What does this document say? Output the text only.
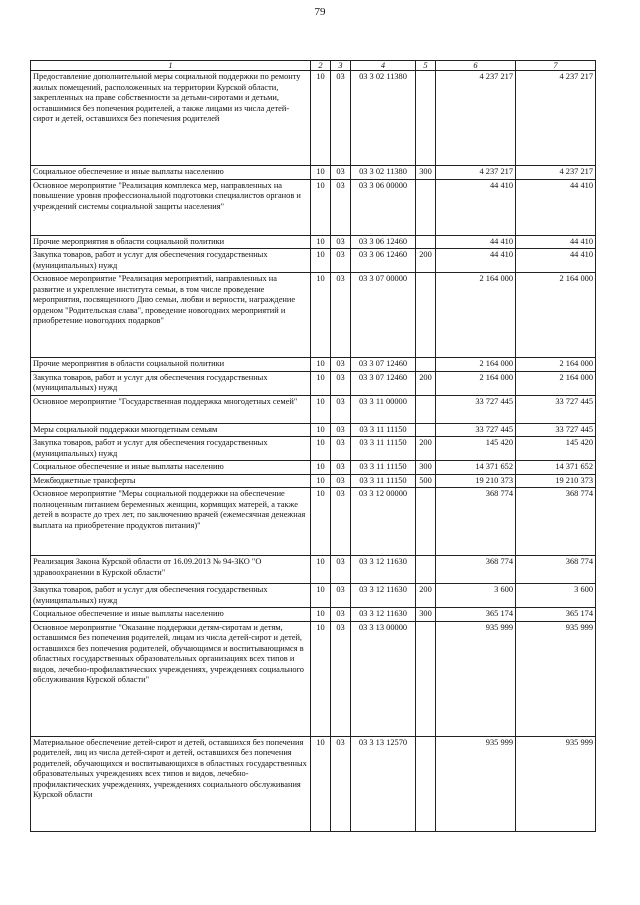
79
1	2	3	4	5	6	7
Предоставление дополнительной меры социальной поддержки по ремонту жилых помещений, расположенных на территории Курской области, закрепленных на праве собственности за детьми-сиротами и детьми, оставшимися без попечения родителей, а также лицами из числа детей-сирот и детей, оставшихся без попечения родителей	10	03	03 3 02 11380		4 237 217	4 237 217
Социальное обеспечение и иные выплаты населению	10	03	03 3 02 11380	300	4 237 217	4 237 217
Основное мероприятие "Реализация комплекса мер, направленных на повышение уровня профессиональной подготовки специалистов органов и учреждений системы социальной защиты населения"	10	03	03 3 06 00000		44 410	44 410
Прочие мероприятия в области социальной политики	10	03	03 3 06 12460		44 410	44 410
Закупка товаров, работ и услуг для обеспечения государственных (муниципальных) нужд	10	03	03 3 06 12460	200	44 410	44 410
Основное мероприятие "Реализация мероприятий, направленных на развитие и укрепление института семьи, в том числе проведение мероприятия, посвященного Дню семьи, любви и верности, награждение орденом "Родительская слава", проведение новогодних мероприятий и приобретение новогодних подарков"	10	03	03 3 07 00000		2 164 000	2 164 000
Прочие мероприятия в области социальной политики	10	03	03 3 07 12460		2 164 000	2 164 000
Закупка товаров, работ и услуг для обеспечения государственных (муниципальных) нужд	10	03	03 3 07 12460	200	2 164 000	2 164 000
Основное мероприятие "Государственная поддержка многодетных семей"	10	03	03 3 11 00000		33 727 445	33 727 445
Меры социальной поддержки многодетным семьям	10	03	03 3 11 11150		33 727 445	33 727 445
Закупка товаров, работ и услуг для обеспечения государственных (муниципальных) нужд	10	03	03 3 11 11150	200	145 420	145 420
Социальное обеспечение и иные выплаты населению	10	03	03 3 11 11150	300	14 371 652	14 371 652
Межбюджетные трансферты	10	03	03 3 11 11150	500	19 210 373	19 210 373
Основное мероприятие "Меры социальной поддержки на обеспечение полноценным питанием беременных женщин, кормящих матерей, а также детей в возрасте до трех лет, по заключению врачей (ежемесячная денежная выплата на приобретение продуктов питания)"	10	03	03 3 12 00000		368 774	368 774
Реализация Закона Курской области от 16.09.2013 № 94-ЗКО "О здравоохранении в Курской области"	10	03	03 3 12 11630		368 774	368 774
Закупка товаров, работ и услуг для обеспечения государственных (муниципальных) нужд	10	03	03 3 12 11630	200	3 600	3 600
Социальное обеспечение и иные выплаты населению	10	03	03 3 12 11630	300	365 174	365 174
Основное мероприятие "Оказание поддержки детям-сиротам и детям, оставшимся без попечения родителей, лицам из числа детей-сирот и детей, оставшихся без попечения родителей, обучающимся и воспитывающимся в областных государственных образовательных организациях всех типов и видов, лечебно-профилактических учреждениях, учреждениях социального обслуживания Курской области"	10	03	03 3 13 00000		935 999	935 999
Материальное обеспечение детей-сирот и детей, оставшихся без попечения родителей, лиц из числа детей-сирот и детей, оставшихся без попечения родителей, обучающихся и воспитывающихся в областных государственных образовательных учреждениях всех типов и видов, лечебно-профилактических учреждениях, учреждениях социального обслуживания Курской области	10	03	03 3 13 12570		935 999	935 999
